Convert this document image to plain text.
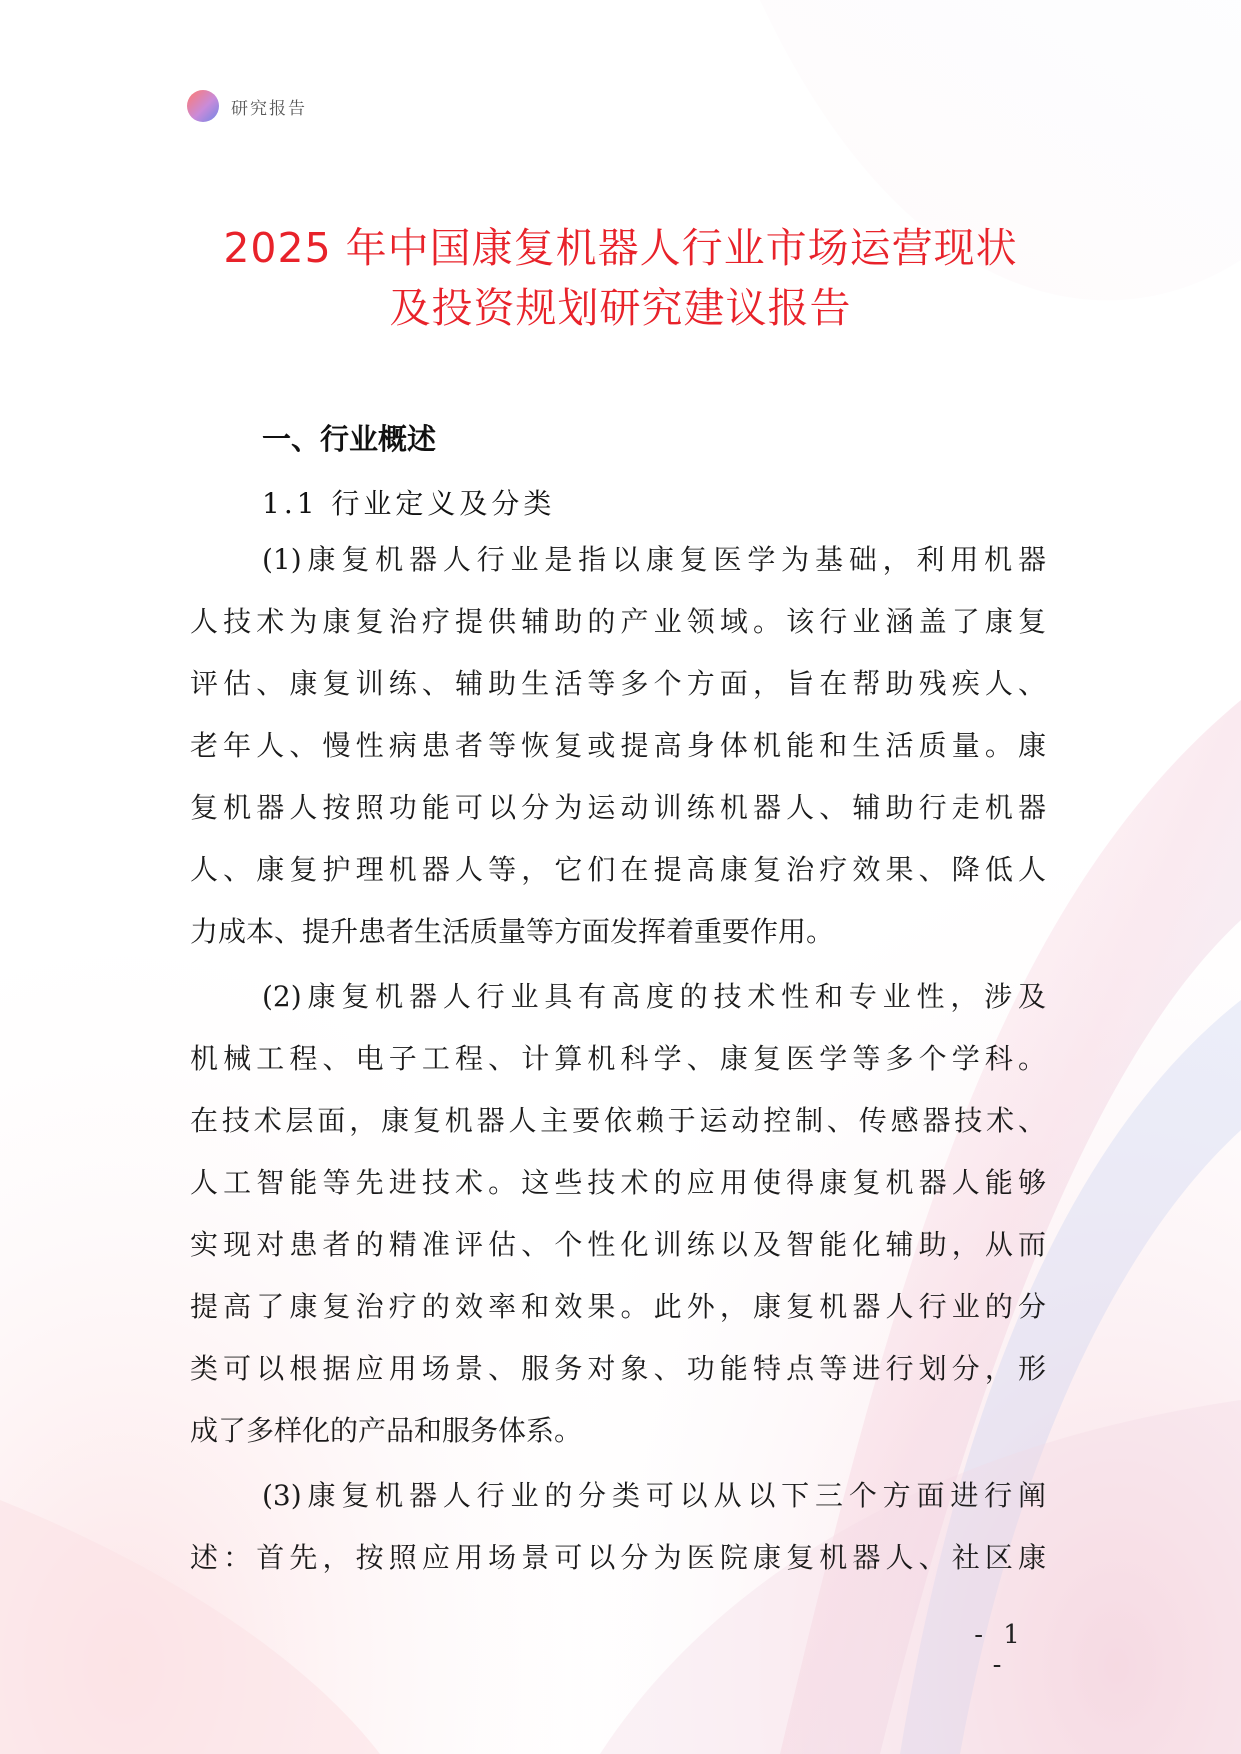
研究报告
2025 年中国康复机器人行业市场运营现状
及投资规划研究建议报告
一、行业概述
1.1 行业定义及分类
(1)康复机器人行业是指以康复医学为基础，利用机器
人技术为康复治疗提供辅助的产业领域。该行业涵盖了康复
评估、康复训练、辅助生活等多个方面，旨在帮助残疾人、
老年人、慢性病患者等恢复或提高身体机能和生活质量。康
复机器人按照功能可以分为运动训练机器人、辅助行走机器
人、康复护理机器人等，它们在提高康复治疗效果、降低人
力成本、提升患者生活质量等方面发挥着重要作用。
(2)康复机器人行业具有高度的技术性和专业性，涉及
机械工程、电子工程、计算机科学、康复医学等多个学科。
在技术层面，康复机器人主要依赖于运动控制、传感器技术、
人工智能等先进技术。这些技术的应用使得康复机器人能够
实现对患者的精准评估、个性化训练以及智能化辅助，从而
提高了康复治疗的效率和效果。此外，康复机器人行业的分
类可以根据应用场景、服务对象、功能特点等进行划分，形
成了多样化的产品和服务体系。
(3)康复机器人行业的分类可以从以下三个方面进行阐
述：首先，按照应用场景可以分为医院康复机器人、社区康
- 1 -
